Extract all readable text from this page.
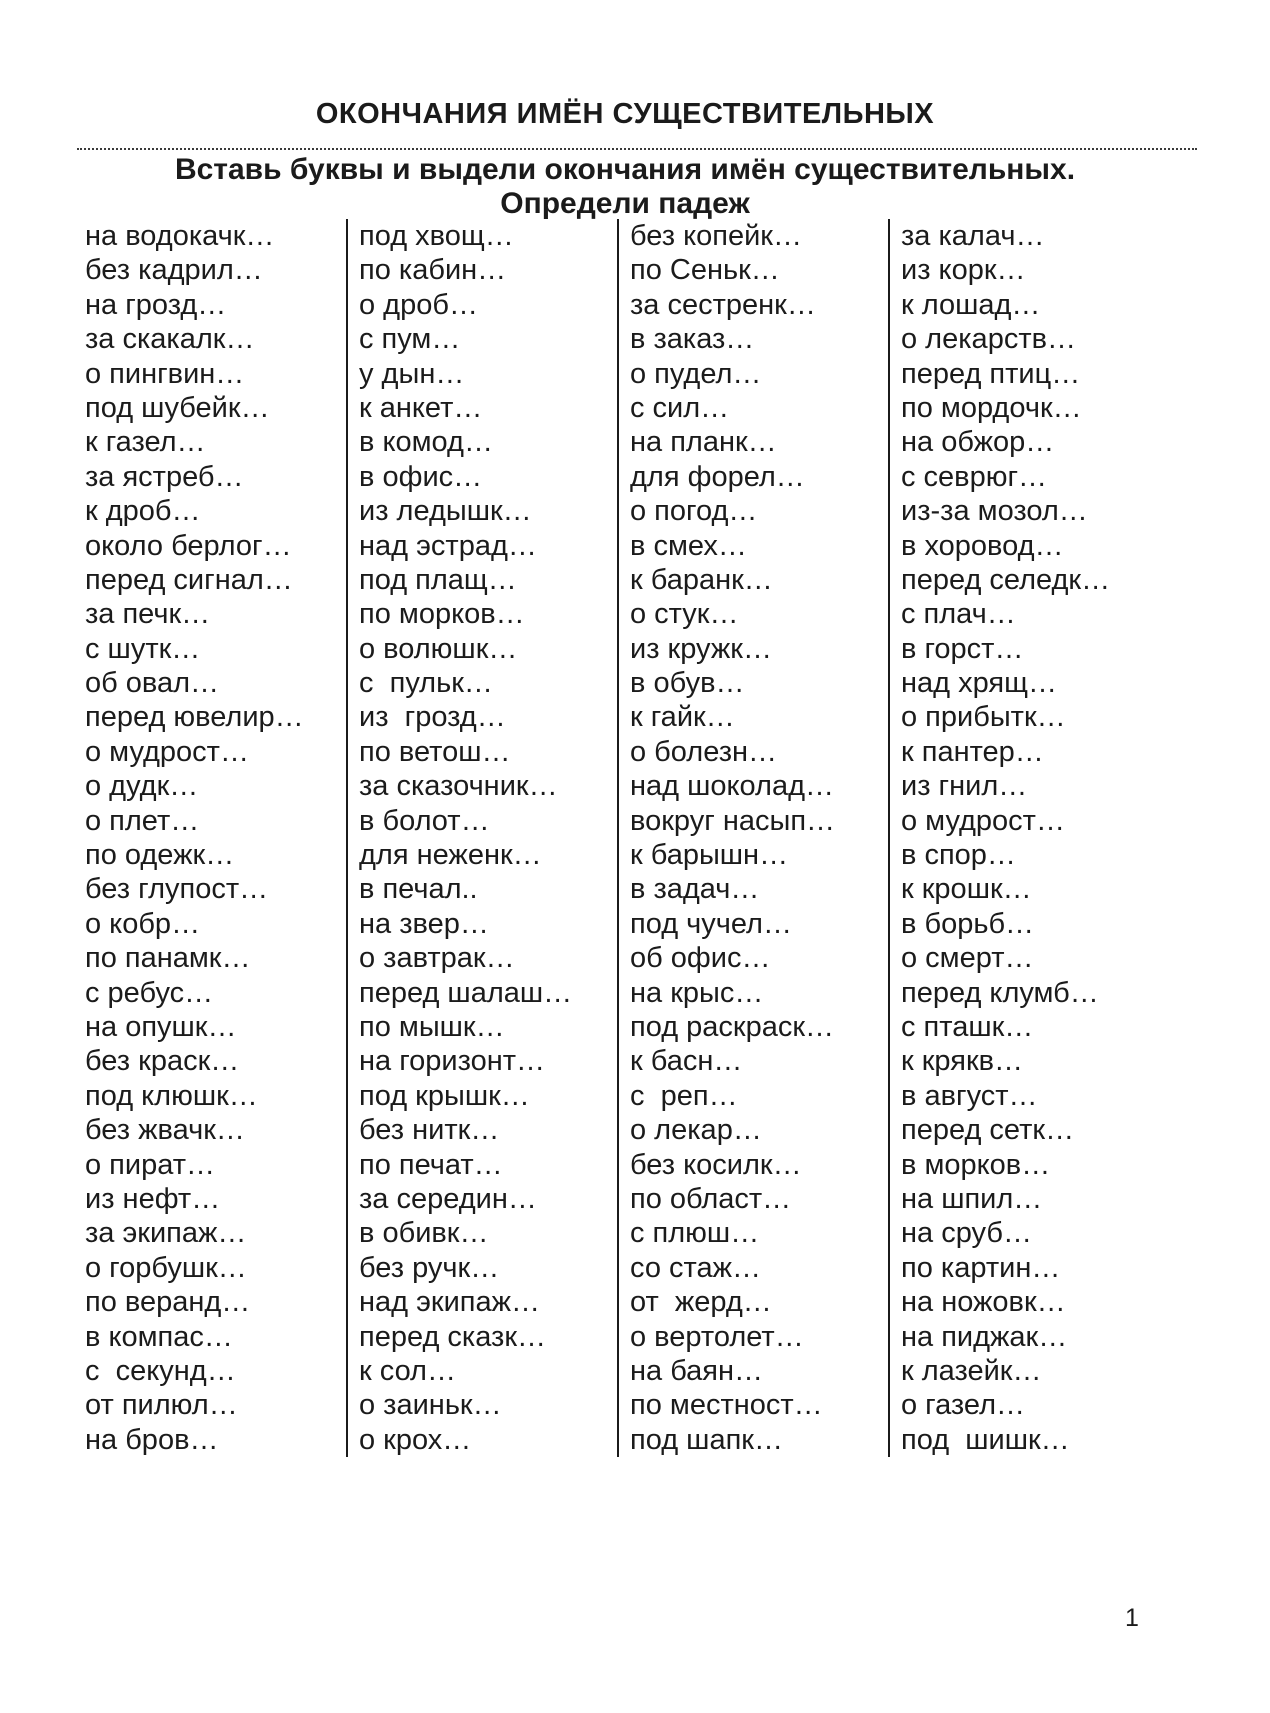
ОКОНЧАНИЯ ИМЁН СУЩЕСТВИТЕЛЬНЫХ
Вставь буквы и выдели окончания имён существительных.
Определи падеж
на водокачк…
без кадрил…
на грозд…
за скакалк…
о пингвин…
под шубейк…
к газел…
за ястреб…
к дроб…
около берлог…
перед сигнал…
за печк…
с шутк…
об овал…
перед ювелир…
о мудрост…
о дудк…
о плет…
по одежк…
без глупост…
о кобр…
по панамк…
с ребус…
на опушк…
без краск…
под клюшк…
без жвачк…
о пират…
из нефт…
за экипаж…
о горбушк…
по веранд…
в компас…
с  секунд…
от пилюл…
на бров…
под хвощ…
по кабин…
о дроб…
с пум…
у дын…
к анкет…
в комод…
в офис…
из ледышк…
над эстрад…
под плащ…
по морков…
о волюшк…
с  пульк…
из  грозд…
по ветош…
за сказочник…
в болот…
для неженк…
в печал..
на звер…
о завтрак…
перед шалаш…
по мышк…
на горизонт…
под крышк…
без нитк…
по печат…
за середин…
в обивк…
без ручк…
над экипаж…
перед сказк…
к сол…
о заиньк…
о крох…
без копейк…
по Сеньк…
за сестренк…
в заказ…
о пудел…
с сил…
на планк…
для форел…
о погод…
в смех…
к баранк…
о стук…
из кружк…
в обув…
к гайк…
о болезн…
над шоколад…
вокруг насып…
к барышн…
в задач…
под чучел…
об офис…
на крыс…
под раскраск…
к басн…
с  реп…
о лекар…
без косилк…
по област…
с плюш…
со стаж…
от  жерд…
о вертолет…
на баян…
по местност…
под шапк…
за калач…
из корк…
к лошад…
о лекарств…
перед птиц…
по мордочк…
на обжор…
с севрюг…
из-за мозол…
в хоровод…
перед селедк…
с плач…
в горст…
над хрящ…
о прибытк…
к пантер…
из гнил…
о мудрост…
в спор…
к крошк…
в борьб…
о смерт…
перед клумб…
с пташк…
к крякв…
в август…
перед сетк…
в морков…
на шпил…
на сруб…
по картин…
на ножовк…
на пиджак…
к лазейк…
о газел…
под  шишк…
1
